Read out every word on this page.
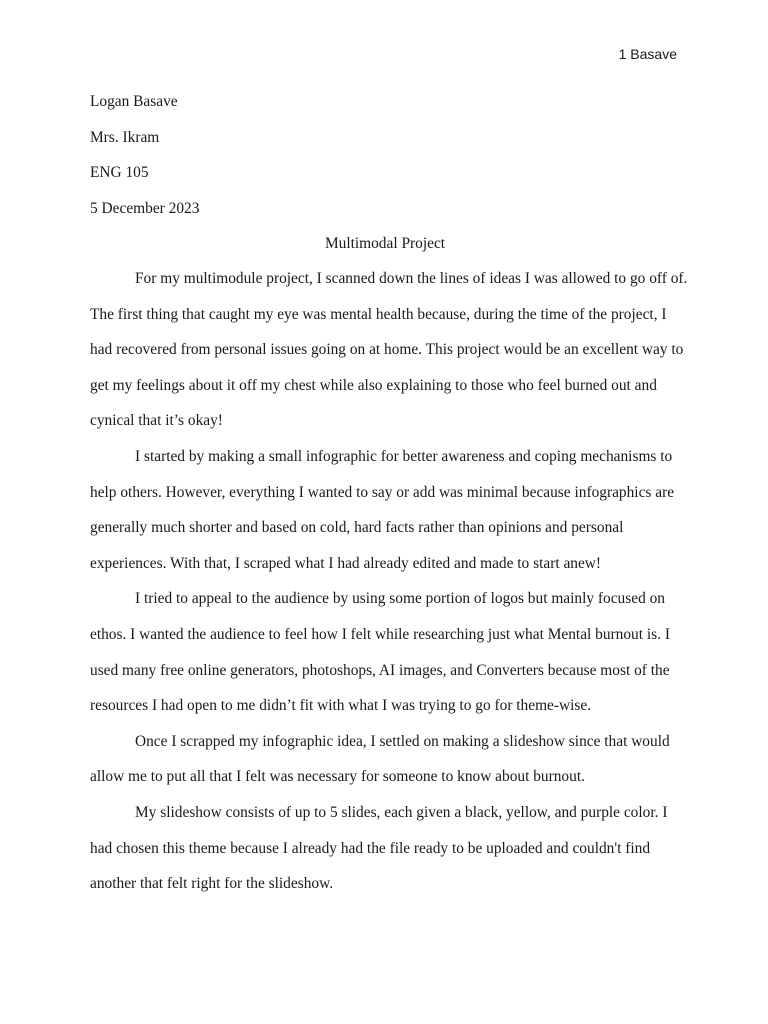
1 Basave
Logan Basave
Mrs. Ikram
ENG 105
5 December 2023
Multimodal Project
For my multimodule project, I scanned down the lines of ideas I was allowed to go off of.
The first thing that caught my eye was mental health because, during the time of the project, I
had recovered from personal issues going on at home. This project would be an excellent way to
get my feelings about it off my chest while also explaining to those who feel burned out and
cynical that it’s okay!
I started by making a small infographic for better awareness and coping mechanisms to
help others. However, everything I wanted to say or add was minimal because infographics are
generally much shorter and based on cold, hard facts rather than opinions and personal
experiences. With that, I scraped what I had already edited and made to start anew!
I tried to appeal to the audience by using some portion of logos but mainly focused on
ethos. I wanted the audience to feel how I felt while researching just what Mental burnout is. I
used many free online generators, photoshops, AI images, and Converters because most of the
resources I had open to me didn’t fit with what I was trying to go for theme-wise.
Once I scrapped my infographic idea, I settled on making a slideshow since that would
allow me to put all that I felt was necessary for someone to know about burnout.
My slideshow consists of up to 5 slides, each given a black, yellow, and purple color. I
had chosen this theme because I already had the file ready to be uploaded and couldn't find
another that felt right for the slideshow.
